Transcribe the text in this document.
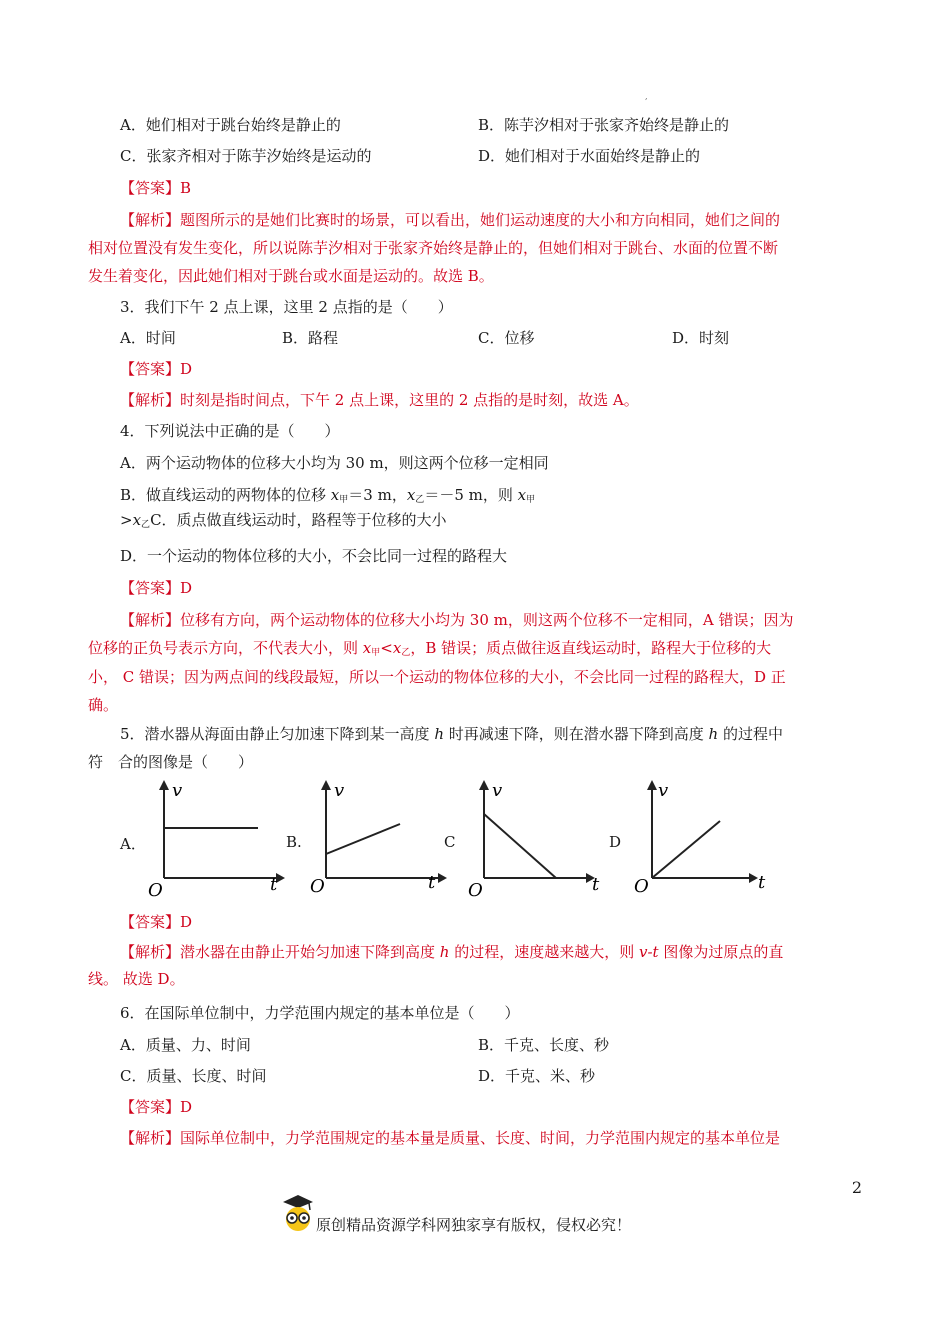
,
A．她们相对于跳台始终是静止的	B．陈芋汐相对于张家齐始终是静止的
C．张家齐相对于陈芋汐始终是运动的	D．她们相对于水面始终是静止的
【答案】B
【解析】题图所示的是她们比赛时的场景，可以看出，她们运动速度的大小和方向相同，她们之间的
相对位置没有发生变化，所以说陈芋汐相对于张家齐始终是静止的，但她们相对于跳台、水面的位置不断
发生着变化，因此她们相对于跳台或水面是运动的。故选 B。
3．我们下午 2 点上课，这里 2 点指的是（　　）
A．时间	B．路程	C．位移	D．时刻
【答案】D
【解析】时刻是指时间点，下午 2 点上课，这里的 2 点指的是时刻，故选 A。
4．下列说法中正确的是（　　）
A．两个运动物体的位移大小均为 30 m，则这两个位移一定相同
B．做直线运动的两物体的位移 $x_甲=3$ m，$x_乙=-5$ m，则 $x_甲$
$>x_乙C$．质点做直线运动时，路程等于位移的大小
D．一个运动的物体位移的大小，不会比同一过程的路程大
【答案】D
【解析】位移有方向，两个运动物体的位移大小均为 30 m，则这两个位移不一定相同，A 错误；因为
位移的正负号表示方向，不代表大小，则 $x_甲<x_乙$，B 错误；质点做往返直线运动时，路程大于位移的大
小， C 错误；因为两点间的线段最短，所以一个运动的物体位移的大小，不会比同一过程的路程大，D 正
确。
5．潜水器从海面由静止匀加速下降到某一高度 h 时再减速下降，则在潜水器下降到高度 h 的过程中
符　合的图像是（　　）
A．	B.	C	D
v
t
O
v
t
O
v
t
O
v
t
O
【答案】D
【解析】潜水器在由静止开始匀加速下降到高度 h 的过程，速度越来越大，则 v-t 图像为过原点的直
线。 故选 D。
6．在国际单位制中，力学范围内规定的基本单位是（　　）
A．质量、力、时间	B．千克、长度、秒
C．质量、长度、时间	D．千克、米、秒
【答案】D
【解析】国际单位制中，力学范围规定的基本量是质量、长度、时间，力学范围内规定的基本单位是
2
原创精品资源学科网独家享有版权，侵权必究！
